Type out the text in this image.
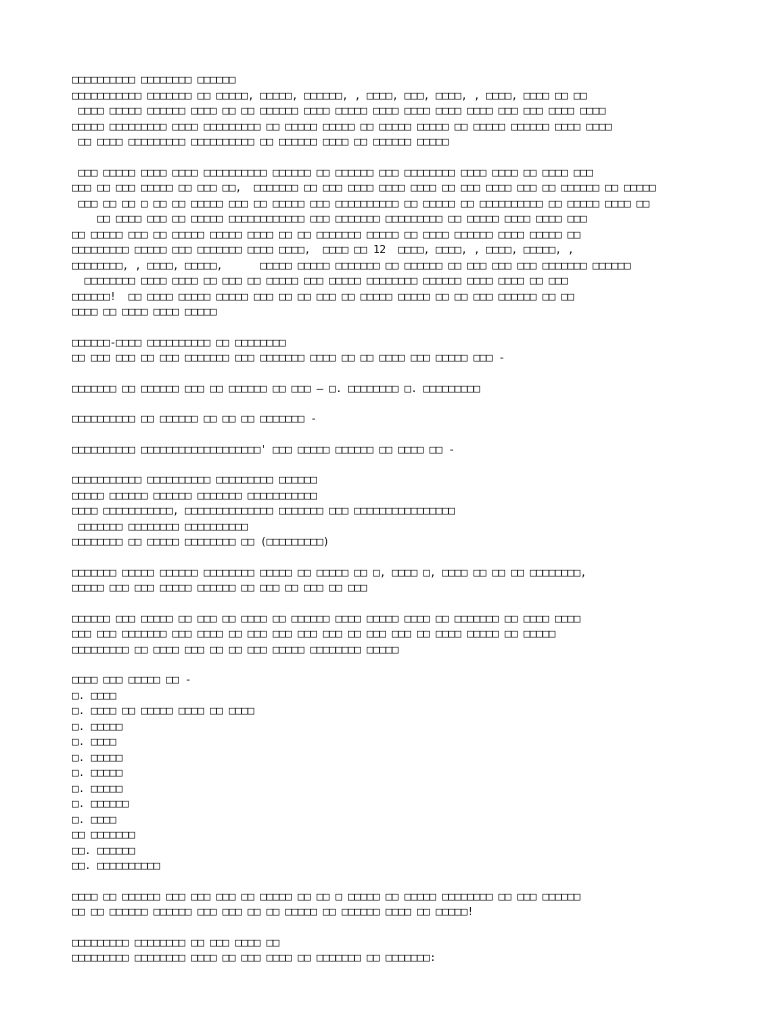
□□□□□□□□□□ □□□□□□□□ □□□□□□
□□□□□□□□□□□ □□□□□□□ □□ □□□□□, □□□□□, □□□□□□, , □□□□, □□□, □□□□, , □□□□, □□□□ □□ □□
□□□□ □□□□□ □□□□□□ □□□□ □□ □□ □□□□□□ □□□□ □□□□□ □□□□ □□□□ □□□□ □□□□ □□□ □□□ □□□□ □□□□
□□□□□ □□□□□□□□□ □□□□ □□□□□□□□□ □□ □□□□□ □□□□□ □□ □□□□□ □□□□□ □□ □□□□□ □□□□□□ □□□□ □□□□
□□ □□□□ □□□□□□□□□ □□□□□□□□□□ □□ □□□□□□ □□□□ □□ □□□□□□ □□□□□
□□□ □□□□□ □□□□ □□□□ □□□□□□□□□□ □□□□□□ □□ □□□□□□ □□□ □□□□□□□□ □□□□ □□□□ □□ □□□□ □□□
□□□ □□ □□□ □□□□□ □□ □□□ □□,  □□□□□□□ □□ □□□ □□□□ □□□□ □□□□ □□ □□□ □□□□ □□□ □□ □□□□□□ □□ □□□□□
□□□ □□ □□ □ □□ □□ □□□□□ □□□ □□ □□□□□ □□□ □□□□□□□□□□ □□ □□□□□ □□ □□□□□□□□□□ □□ □□□□□ □□□□ □□
□□ □□□□ □□□ □□ □□□□□ □□□□□□□□□□□□ □□□ □□□□□□□ □□□□□□□□□ □□ □□□□□ □□□□ □□□□ □□□
□□ □□□□□ □□□ □□ □□□□□ □□□□□ □□□□ □□ □□ □□□□□□□ □□□□□ □□ □□□□ □□□□□□ □□□□ □□□□□ □□
□□□□□□□□□ □□□□□ □□□ □□□□□□□ □□□□ □□□□,  □□□□ □□ 12  □□□□, □□□□, , □□□□, □□□□□, ,
□□□□□□□□, , □□□□, □□□□□,      □□□□□ □□□□□ □□□□□□□ □□ □□□□□□ □□ □□□ □□□ □□□ □□□□□□□ □□□□□□
□□□□□□□□ □□□□ □□□□ □□ □□□ □□ □□□□□ □□□ □□□□□ □□□□□□□□ □□□□□□ □□□□ □□□□ □□ □□□
□□□□□□!  □□ □□□□ □□□□□ □□□□□ □□□ □□ □□ □□□ □□ □□□□□ □□□□□ □□ □□ □□□ □□□□□□ □□ □□
□□□□ □□ □□□□ □□□□ □□□□□
□□□□□□-□□□□ □□□□□□□□□□ □□ □□□□□□□□
□□ □□□ □□□ □□ □□□ □□□□□□□ □□□ □□□□□□□ □□□□ □□ □□ □□□□ □□□ □□□□□ □□□ -
□□□□□□□ □□ □□□□□□ □□□ □□ □□□□□□ □□ □□□ – □. □□□□□□□□ □. □□□□□□□□□
□□□□□□□□□□ □□ □□□□□□ □□ □□ □□ □□□□□□□ -
□□□□□□□□□□ □□□□□□□□□□□□□□□□□□□' □□□ □□□□□ □□□□□□ □□ □□□□ □□ -
□□□□□□□□□□□ □□□□□□□□□□ □□□□□□□□□ □□□□□□
□□□□□ □□□□□□ □□□□□□ □□□□□□□ □□□□□□□□□□□
□□□□ □□□□□□□□□□□, □□□□□□□□□□□□□□ □□□□□□□ □□□ □□□□□□□□□□□□□□□□
□□□□□□□ □□□□□□□□ □□□□□□□□□□
□□□□□□□□ □□ □□□□□ □□□□□□□□ □□ (□□□□□□□□□)
□□□□□□□ □□□□□ □□□□□□ □□□□□□□□ □□□□□ □□ □□□□□ □□ □, □□□□ □, □□□□ □□ □□ □□ □□□□□□□□,
□□□□□ □□□ □□□ □□□□□ □□□□□□ □□ □□□ □□ □□□ □□ □□□
□□□□□□ □□□ □□□□□ □□ □□□ □□ □□□□ □□ □□□□□□ □□□□ □□□□□ □□□□ □□ □□□□□□□ □□ □□□□ □□□□
□□□ □□□ □□□□□□□ □□□ □□□□ □□ □□□ □□□ □□□ □□□ □□ □□□ □□□ □□ □□□□ □□□□□ □□ □□□□□
□□□□□□□□□ □□ □□□□ □□□ □□ □□ □□□ □□□□□ □□□□□□□□ □□□□□
□□□□ □□□ □□□□□ □□ -
□. □□□□
□. □□□□ □□ □□□□□ □□□□ □□ □□□□
□. □□□□□
□. □□□□
□. □□□□□
□. □□□□□
□. □□□□□
□. □□□□□□
□. □□□□
□□ □□□□□□□
□□. □□□□□□
□□. □□□□□□□□□□
□□□□ □□ □□□□□□ □□□ □□□ □□□ □□ □□□□□ □□ □□ □ □□□□□ □□ □□□□□ □□□□□□□□ □□ □□□ □□□□□□
□□ □□ □□□□□□ □□□□□□ □□□ □□□ □□ □□ □□□□□ □□ □□□□□□ □□□□ □□ □□□□□!
□□□□□□□□□ □□□□□□□□ □□ □□□ □□□□ □□
□□□□□□□□□ □□□□□□□□ □□□□ □□ □□□ □□□□ □□ □□□□□□□ □□ □□□□□□□:
